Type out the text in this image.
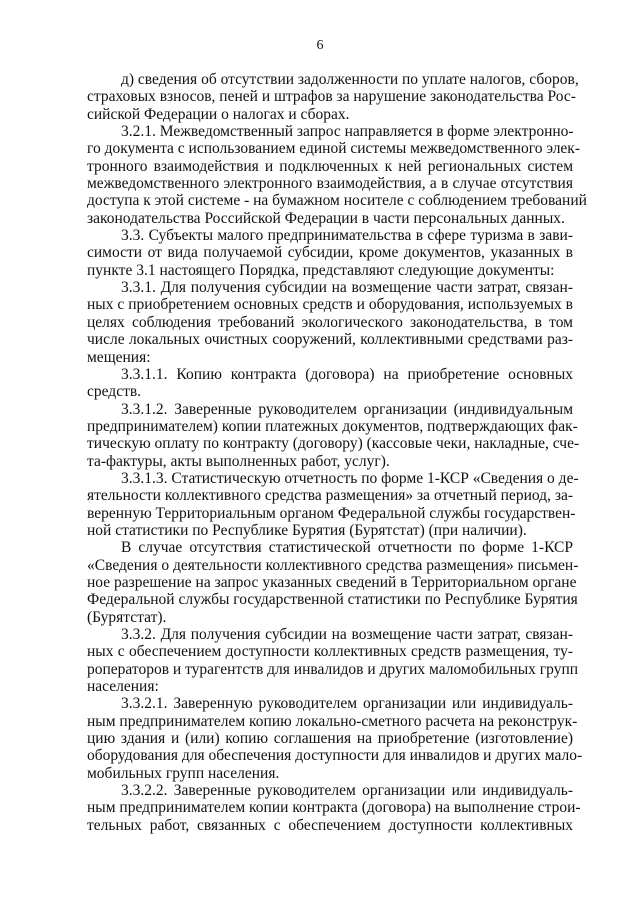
6
д) сведения об отсутствии задолженности по уплате налогов, сборов,
страховых взносов, пеней и штрафов за нарушение законодательства Рос-
сийской Федерации о налогах и сборах.
3.2.1. Межведомственный запрос направляется в форме электронно-
го документа с использованием единой системы межведомственного элек-
тронного взаимодействия и подключенных к ней региональных систем
межведомственного электронного взаимодействия, а в случае отсутствия
доступа к этой системе - на бумажном носителе с соблюдением требований
законодательства Российской Федерации в части персональных данных.
3.3. Субъекты малого предпринимательства в сфере туризма в зави-
симости от вида получаемой субсидии, кроме документов, указанных в
пункте 3.1 настоящего Порядка, представляют следующие документы:
3.3.1. Для получения субсидии на возмещение части затрат, связан-
ных с приобретением основных средств и оборудования, используемых в
целях соблюдения требований экологического законодательства, в том
числе локальных очистных сооружений, коллективными средствами раз-
мещения:
3.3.1.1. Копию контракта (договора) на приобретение основных
средств.
3.3.1.2. Заверенные руководителем организации (индивидуальным
предпринимателем) копии платежных документов, подтверждающих фак-
тическую оплату по контракту (договору) (кассовые чеки, накладные, сче-
та-фактуры, акты выполненных работ, услуг).
3.3.1.3. Статистическую отчетность по форме 1-КСР «Сведения о де-
ятельности коллективного средства размещения» за отчетный период, за-
веренную Территориальным органом Федеральной службы государствен-
ной статистики по Республике Бурятия (Бурятстат) (при наличии).
В случае отсутствия статистической отчетности по форме 1-КСР
«Сведения о деятельности коллективного средства размещения» письмен-
ное разрешение на запрос указанных сведений в Территориальном органе
Федеральной службы государственной статистики по Республике Бурятия
(Бурятстат).
3.3.2. Для получения субсидии на возмещение части затрат, связан-
ных с обеспечением доступности коллективных средств размещения, ту-
роператоров и турагентств для инвалидов и других маломобильных групп
населения:
3.3.2.1. Заверенную руководителем организации или индивидуаль-
ным предпринимателем копию локально-сметного расчета на реконструк-
цию здания и (или) копию соглашения на приобретение (изготовление)
оборудования для обеспечения доступности для инвалидов и других мало-
мобильных групп населения.
3.3.2.2. Заверенные руководителем организации или индивидуаль-
ным предпринимателем копии контракта (договора) на выполнение строи-
тельных работ, связанных с обеспечением доступности коллективных
